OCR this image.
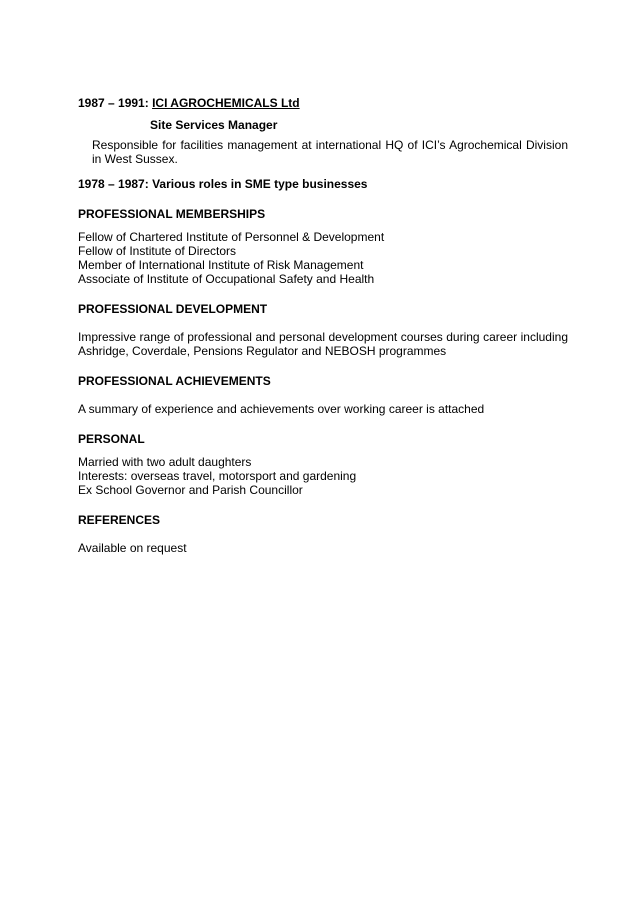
1987 – 1991: ICI AGROCHEMICALS Ltd
Site Services Manager
Responsible for facilities management at international HQ of ICI’s Agrochemical Division in West Sussex.
1978 – 1987: Various roles in SME type businesses
PROFESSIONAL MEMBERSHIPS
Fellow of Chartered Institute of Personnel & Development
Fellow of Institute of Directors
Member of International Institute of Risk Management
Associate of Institute of Occupational Safety and Health
PROFESSIONAL DEVELOPMENT
Impressive range of professional and personal development courses during career including Ashridge, Coverdale, Pensions Regulator and NEBOSH programmes
PROFESSIONAL ACHIEVEMENTS
A summary of experience and achievements over working career is attached
PERSONAL
Married with two adult daughters
Interests: overseas travel, motorsport and gardening
Ex School Governor and Parish Councillor
REFERENCES
Available on request
